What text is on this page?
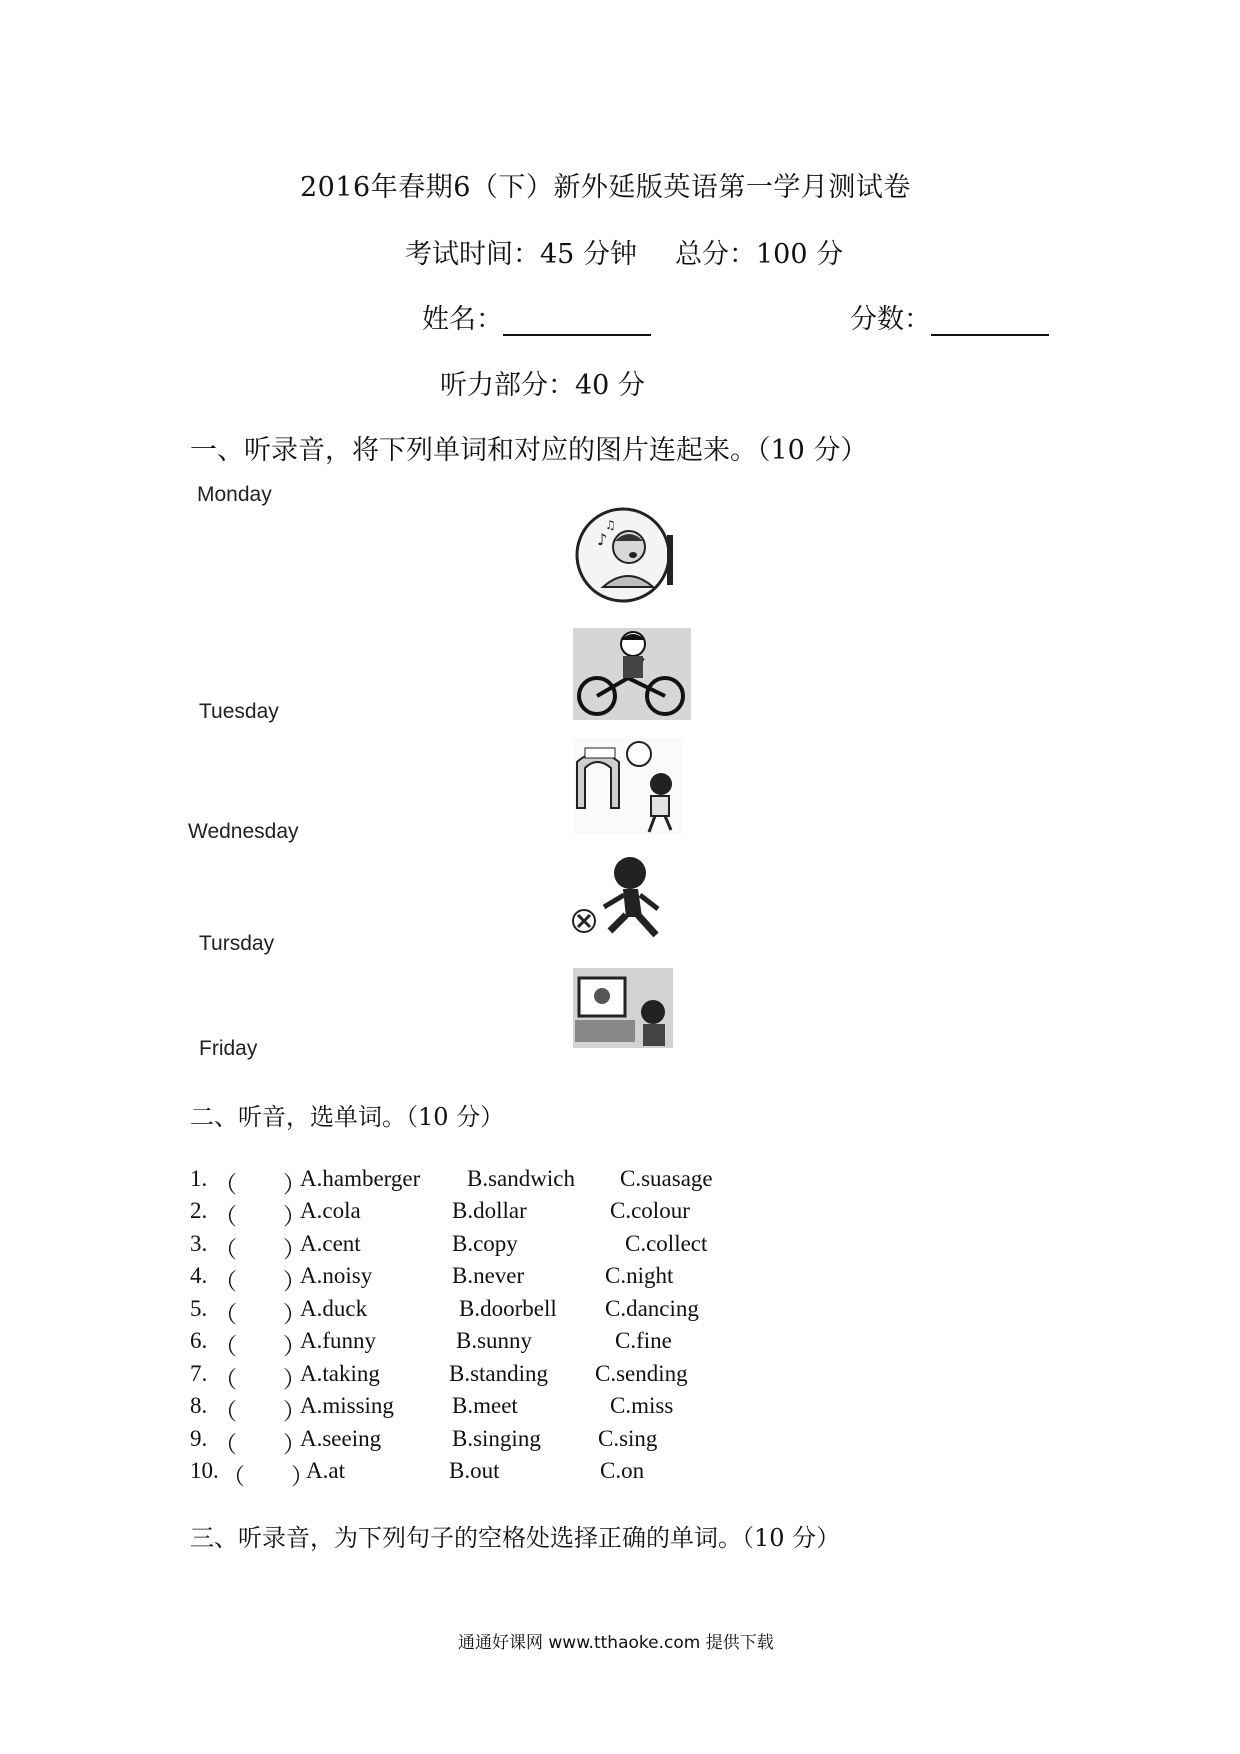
2016年春期6（下）新外延版英语第一学月测试卷
考试时间：45 分钟 总分：100 分
姓名：	分数：
听力部分：40 分
一、听录音，将下列单词和对应的图片连起来。（10 分）
Monday
Tuesday
Wednesday
Tursday
Friday
♪
♫
二、听音，选单词。（10 分）
1. （　　）
A.hamberger B.sandwich C.suasage
2. （　　）
A.cola	B.dollar	C.colour
3. （　　）
A.cent	B.copy	C.collect
4. （　　）
A.noisy	B.never	C.night
5. （　　）
A.duck	B.doorbell C.dancing
6. （　　）
A.funny	B.sunny	C.fine
7. （　　）
A.taking	B.standing C.sending
8. （　　）
A.missing	B.meet	C.miss
9. （　　）
A.seeing	B.singing C.sing
10. （　　）
A.at	B.out	C.on
三、听录音，为下列句子的空格处选择正确的单词。（10 分）
通通好课网 www.tthaoke.com 提供下载
